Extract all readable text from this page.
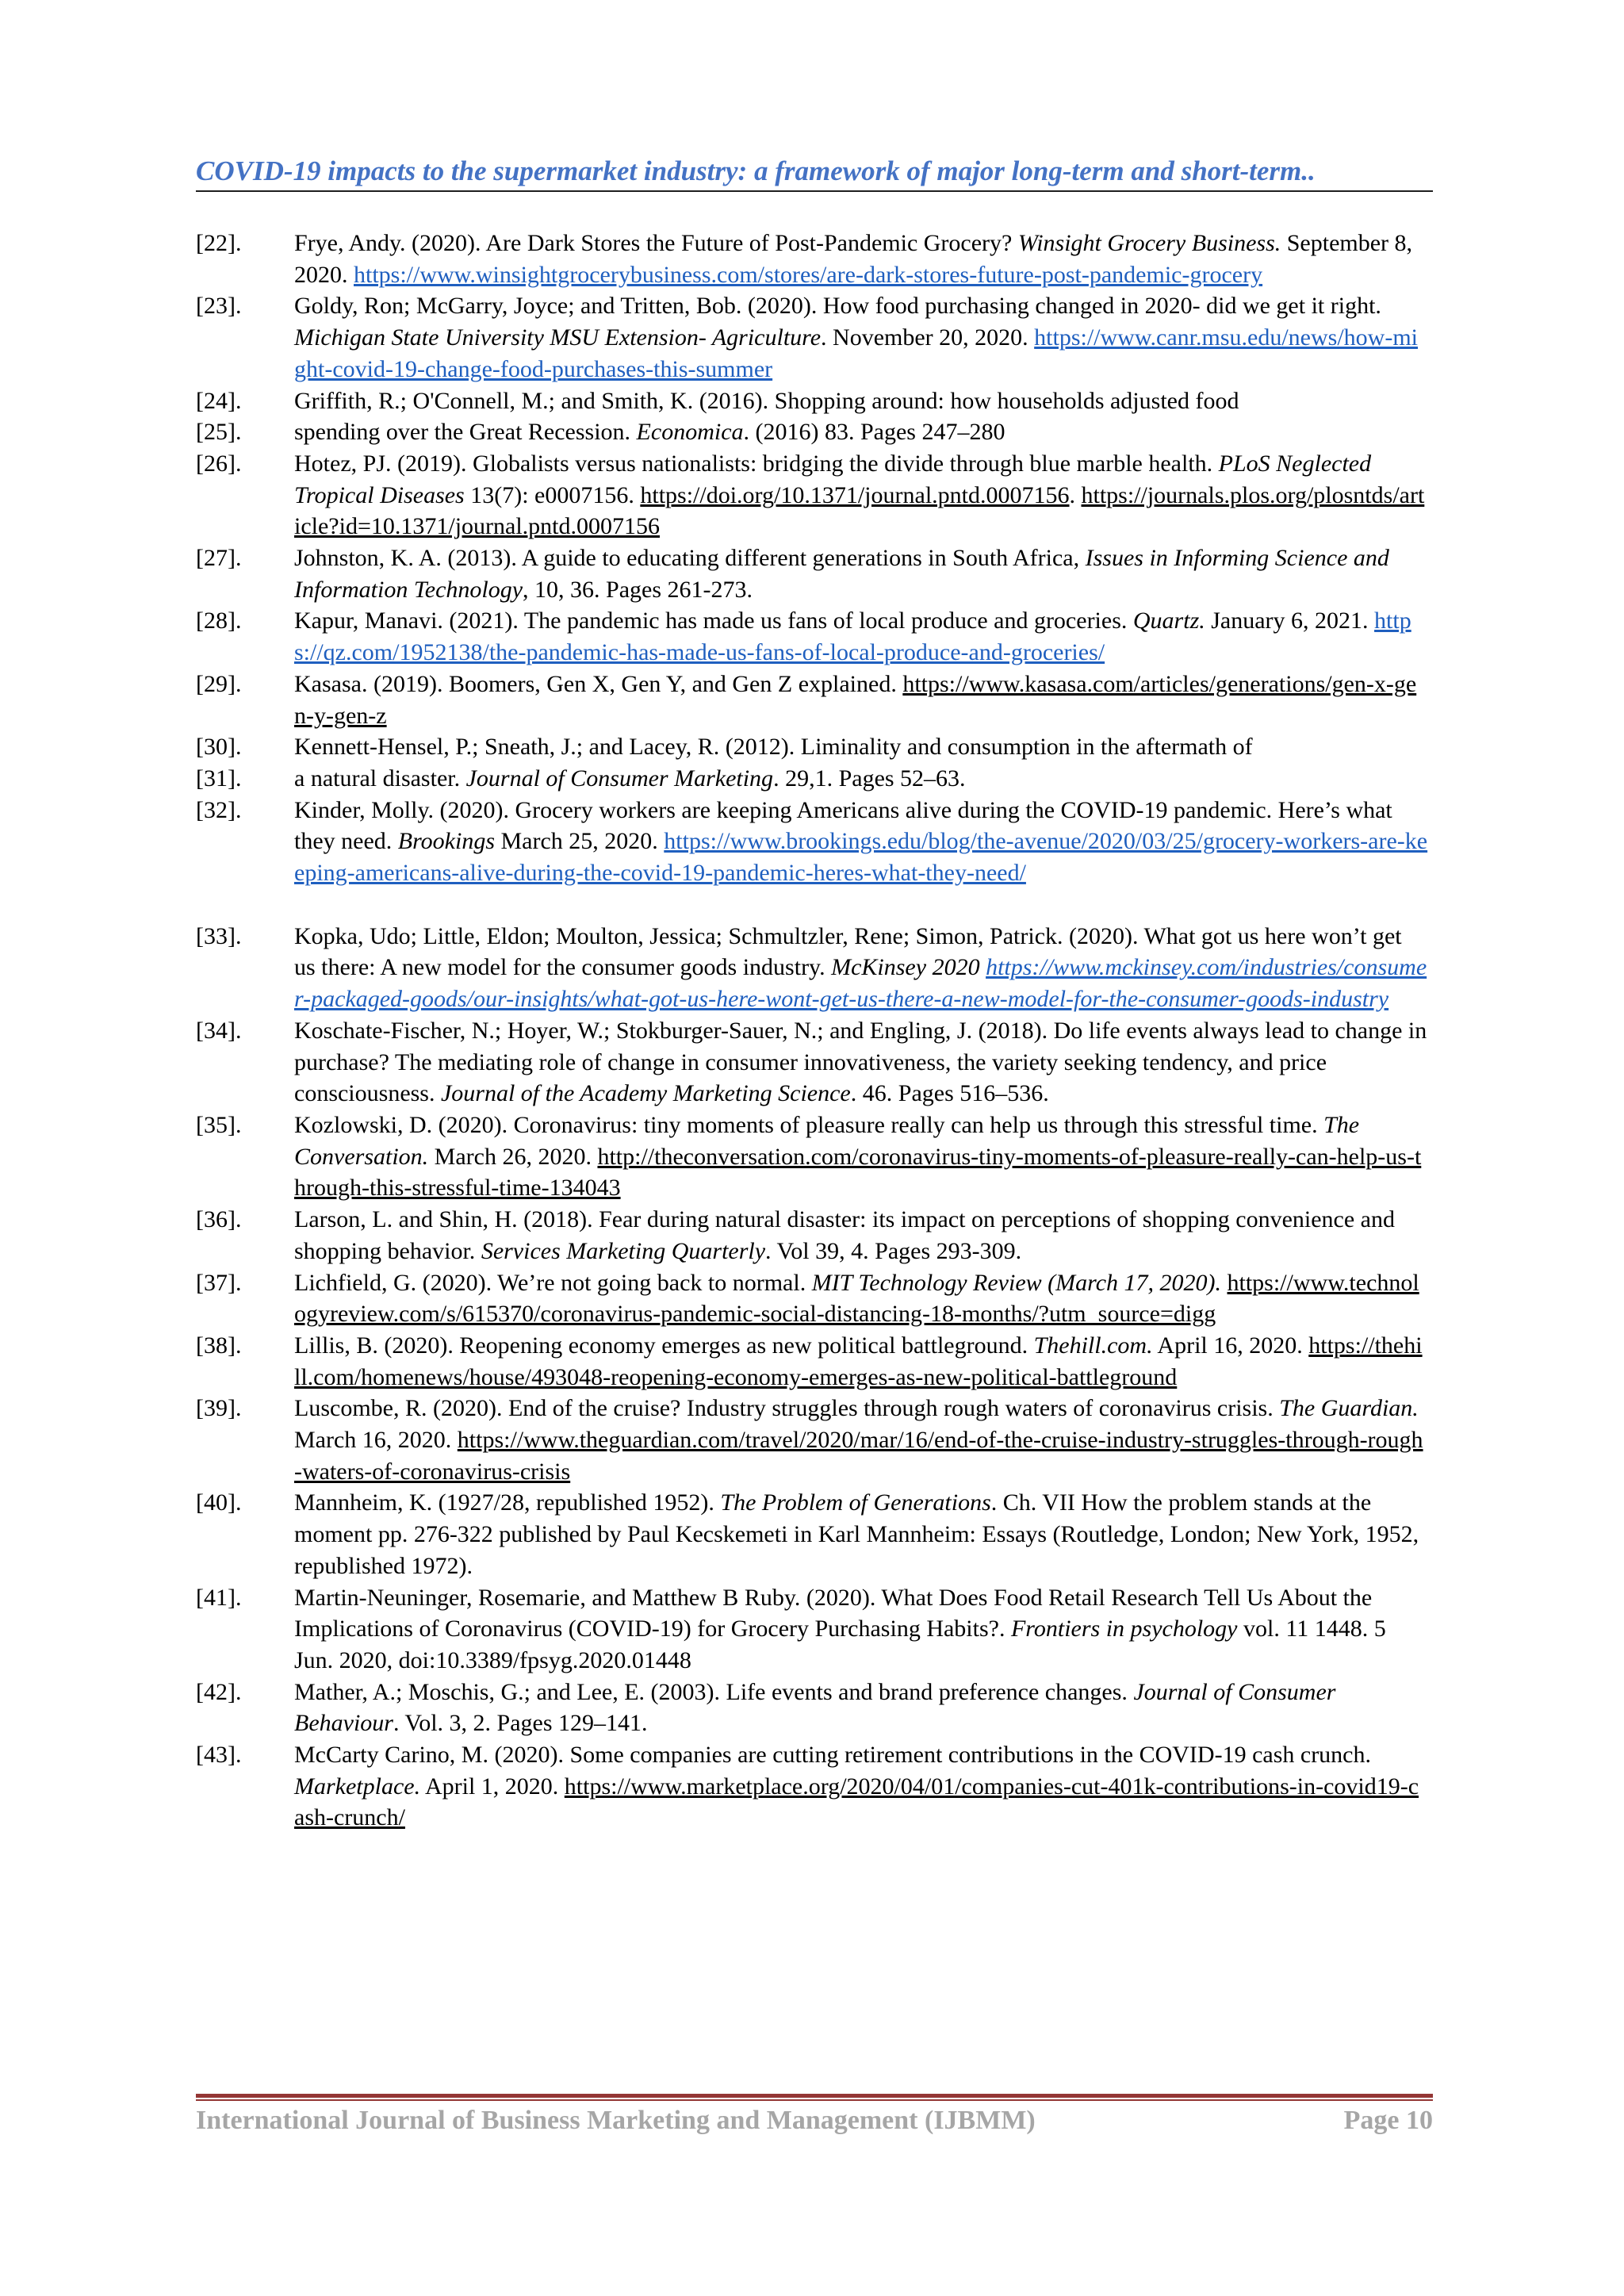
COVID-19 impacts to the supermarket industry: a framework of major long-term and short-term..
[22].	Frye, Andy. (2020). Are Dark Stores the Future of Post-Pandemic Grocery? Winsight Grocery Business. September 8, 2020. https://www.winsightgrocerybusiness.com/stores/are-dark-stores-future-post-pandemic-grocery
[23].	Goldy, Ron; McGarry, Joyce; and Tritten, Bob. (2020). How food purchasing changed in 2020- did we get it right. Michigan State University MSU Extension- Agriculture. November 20, 2020. https://www.canr.msu.edu/news/how-might-covid-19-change-food-purchases-this-summer
[24].	Griffith, R.; O'Connell, M.; and Smith, K. (2016). Shopping around: how households adjusted food
[25].	spending over the Great Recession. Economica. (2016) 83. Pages 247–280
[26].	Hotez, PJ. (2019). Globalists versus nationalists: bridging the divide through blue marble health. PLoS Neglected Tropical Diseases 13(7): e0007156. https://doi.org/10.1371/journal.pntd.0007156. https://journals.plos.org/plosntds/article?id=10.1371/journal.pntd.0007156
[27].	Johnston, K. A. (2013). A guide to educating different generations in South Africa, Issues in Informing Science and Information Technology, 10, 36. Pages 261-273.
[28].	Kapur, Manavi. (2021). The pandemic has made us fans of local produce and groceries. Quartz. January 6, 2021. https://qz.com/1952138/the-pandemic-has-made-us-fans-of-local-produce-and-groceries/
[29].	Kasasa. (2019). Boomers, Gen X, Gen Y, and Gen Z explained. https://www.kasasa.com/articles/generations/gen-x-gen-y-gen-z
[30].	Kennett-Hensel, P.; Sneath, J.; and Lacey, R. (2012). Liminality and consumption in the aftermath of
[31].	a natural disaster. Journal of Consumer Marketing. 29,1. Pages 52–63.
[32].	Kinder, Molly. (2020). Grocery workers are keeping Americans alive during the COVID-19 pandemic. Here’s what they need. Brookings March 25, 2020. https://www.brookings.edu/blog/the-avenue/2020/03/25/grocery-workers-are-keeping-americans-alive-during-the-covid-19-pandemic-heres-what-they-need/
[33].	Kopka, Udo; Little, Eldon; Moulton, Jessica; Schmultzler, Rene; Simon, Patrick. (2020). What got us here won’t get us there: A new model for the consumer goods industry. McKinsey 2020 https://www.mckinsey.com/industries/consumer-packaged-goods/our-insights/what-got-us-here-wont-get-us-there-a-new-model-for-the-consumer-goods-industry
[34].	Koschate-Fischer, N.; Hoyer, W.; Stokburger-Sauer, N.; and Engling, J. (2018). Do life events always lead to change in purchase? The mediating role of change in consumer innovativeness, the variety seeking tendency, and price consciousness. Journal of the Academy Marketing Science. 46. Pages 516–536.
[35].	Kozlowski, D. (2020). Coronavirus: tiny moments of pleasure really can help us through this stressful time. The Conversation. March 26, 2020. http://theconversation.com/coronavirus-tiny-moments-of-pleasure-really-can-help-us-through-this-stressful-time-134043
[36].	Larson, L. and Shin, H. (2018). Fear during natural disaster: its impact on perceptions of shopping convenience and shopping behavior. Services Marketing Quarterly. Vol 39, 4. Pages 293-309.
[37].	Lichfield, G. (2020). We’re not going back to normal. MIT Technology Review (March 17, 2020). https://www.technologyreview.com/s/615370/coronavirus-pandemic-social-distancing-18-months/?utm_source=digg
[38].	Lillis, B. (2020). Reopening economy emerges as new political battleground. Thehill.com. April 16, 2020. https://thehill.com/homenews/house/493048-reopening-economy-emerges-as-new-political-battleground
[39].	Luscombe, R. (2020). End of the cruise? Industry struggles through rough waters of coronavirus crisis. The Guardian. March 16, 2020. https://www.theguardian.com/travel/2020/mar/16/end-of-the-cruise-industry-struggles-through-rough-waters-of-coronavirus-crisis
[40].	Mannheim, K. (1927/28, republished 1952). The Problem of Generations. Ch. VII How the problem stands at the moment pp. 276-322 published by Paul Kecskemeti in Karl Mannheim: Essays (Routledge, London; New York, 1952, republished 1972).
[41].	Martin-Neuninger, Rosemarie, and Matthew B Ruby. (2020). What Does Food Retail Research Tell Us About the Implications of Coronavirus (COVID-19) for Grocery Purchasing Habits?. Frontiers in psychology vol. 11 1448. 5 Jun. 2020, doi:10.3389/fpsyg.2020.01448
[42].	Mather, A.; Moschis, G.; and Lee, E. (2003). Life events and brand preference changes. Journal of Consumer Behaviour. Vol. 3, 2. Pages 129–141.
[43].	McCarty Carino, M. (2020). Some companies are cutting retirement contributions in the COVID-19 cash crunch. Marketplace. April 1, 2020. https://www.marketplace.org/2020/04/01/companies-cut-401k-contributions-in-covid19-cash-crunch/
International Journal of Business Marketing and Management (IJBMM)	Page 10
